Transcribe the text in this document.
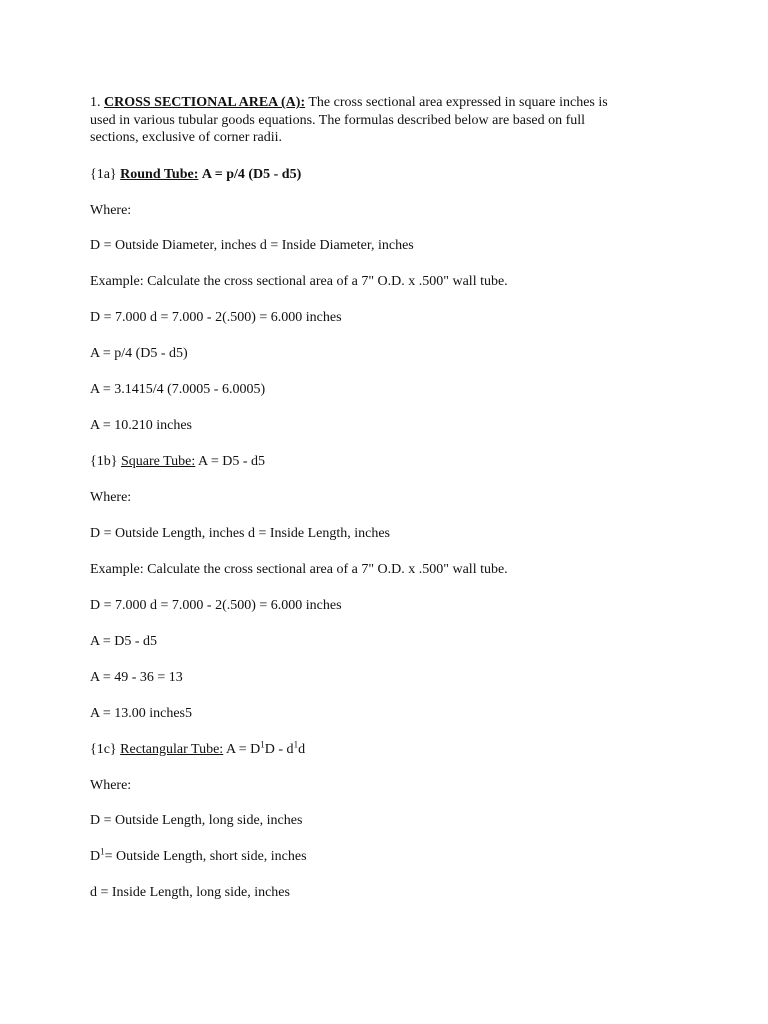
1. CROSS SECTIONAL AREA (A): The cross sectional area expressed in square inches is
used in various tubular goods equations. The formulas described below are based on full
sections, exclusive of corner radii.
{1a} Round Tube: A = p/4 (D5 - d5)
Where:
D = Outside Diameter, inches d = Inside Diameter, inches
Example: Calculate the cross sectional area of a 7" O.D. x .500" wall tube.
D = 7.000 d = 7.000 - 2(.500) = 6.000 inches
A = p/4 (D5 - d5)
A = 3.1415/4 (7.0005 - 6.0005)
A = 10.210 inches
{1b} Square Tube: A = D5 - d5
Where:
D = Outside Length, inches d = Inside Length, inches
Example: Calculate the cross sectional area of a 7" O.D. x .500" wall tube.
D = 7.000 d = 7.000 - 2(.500) = 6.000 inches
A = D5 - d5
A = 49 - 36 = 13
A = 13.00 inches5
{1c} Rectangular Tube: $A = D^1D - d^1d$
Where:
D = Outside Length, long side, inches
$D^1=$ Outside Length, short side, inches
d = Inside Length, long side, inches
